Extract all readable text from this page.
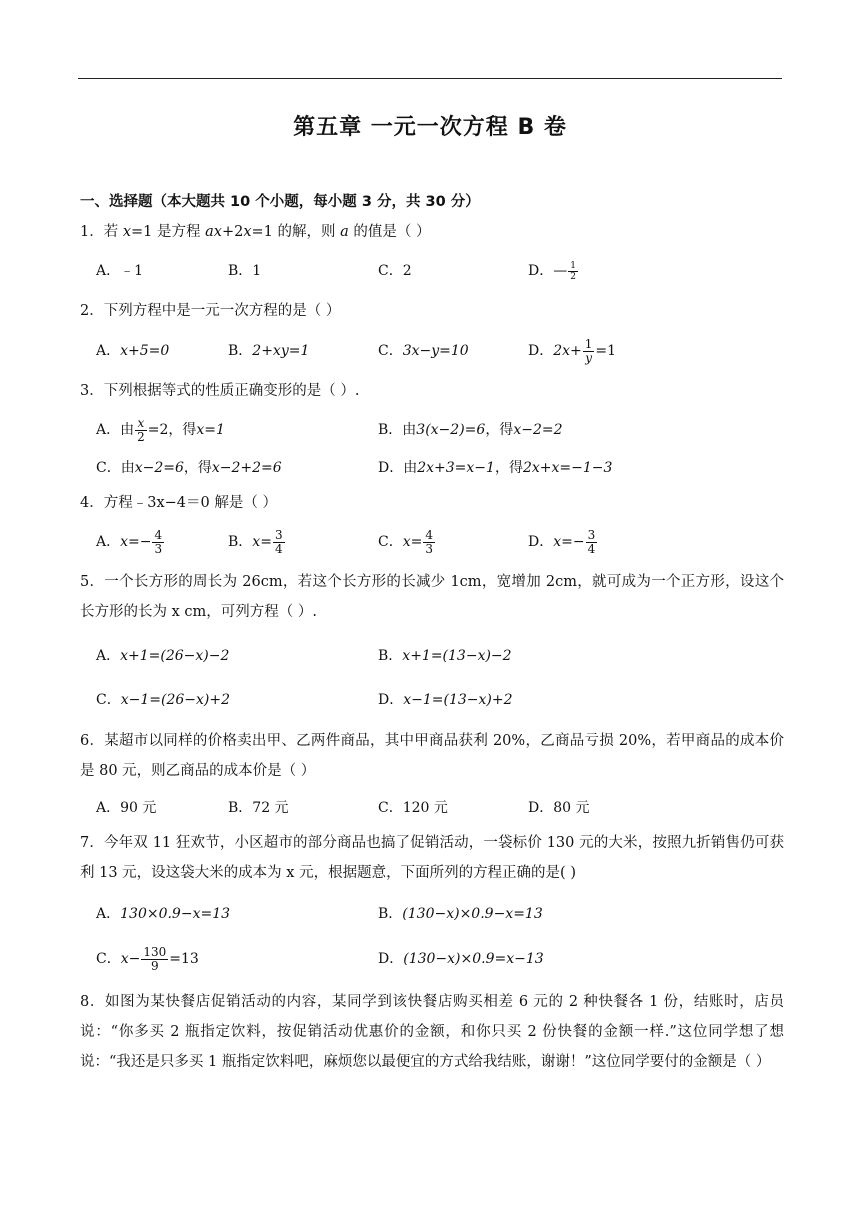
第五章 一元一次方程 B 卷
一、选择题（本大题共 10 个小题，每小题 3 分，共 30 分）
1．若 x=1 是方程 ax+2x=1 的解，则 a 的值是（ ）
A．﹣1	B．1	C．2	D．— $\frac{1}{2}$
2．下列方程中是一元一次方程的是（ ）
A．x+5=0	B．2+xy=1	C．3x−y=10	D．$2x+ \frac{1}{y} =1$
3．下列根据等式的性质正确变形的是（ ）.
A．由 $\frac{x}{2} =2$，得x=1	B．由3(x−2)=6，得x−2=2
C．由x−2=6，得x−2+2=6	D．由2x+3=x−1，得2x+x=−1−3
4．方程﹣3x−4＝0 解是（ ）
A．$x=- \frac{4}{3}$	B．$x= \frac{3}{4}$	C．$x= \frac{4}{3}$	D．$x=- \frac{3}{4}$
5．一个长方形的周长为 26cm，若这个长方形的长减少 1cm，宽增加 2cm，就可成为一个正方形，设这个长方形的长为 x cm，可列方程（ ）.
A．x+1=(26−x)−2	B．x+1=(13−x)−2
C．x−1=(26−x)+2	D．x−1=(13−x)+2
6．某超市以同样的价格卖出甲、乙两件商品，其中甲商品获利 20%，乙商品亏损 20%，若甲商品的成本价是 80 元，则乙商品的成本价是（ ）
A．90 元	B．72 元	C．120 元	D．80 元
7．今年双 11 狂欢节，小区超市的部分商品也搞了促销活动，一袋标价 130 元的大米，按照九折销售仍可获利 13 元，设这袋大米的成本为 x 元，根据题意，下面所列的方程正确的是( )
A．130×0.9−x=13	B．(130−x)×0.9−x=13
C．$x- \frac{130}{9} =13$	D．(130−x)×0.9=x−13
8．如图为某快餐店促销活动的内容，某同学到该快餐店购买相差 6 元的 2 种快餐各 1 份，结账时，店员说：“你多买 2 瓶指定饮料，按促销活动优惠价的金额，和你只买 2 份快餐的金额一样.”这位同学想了想说：“我还是只多买 1 瓶指定饮料吧，麻烦您以最便宜的方式给我结账，谢谢！”这位同学要付的金额是（ ）
